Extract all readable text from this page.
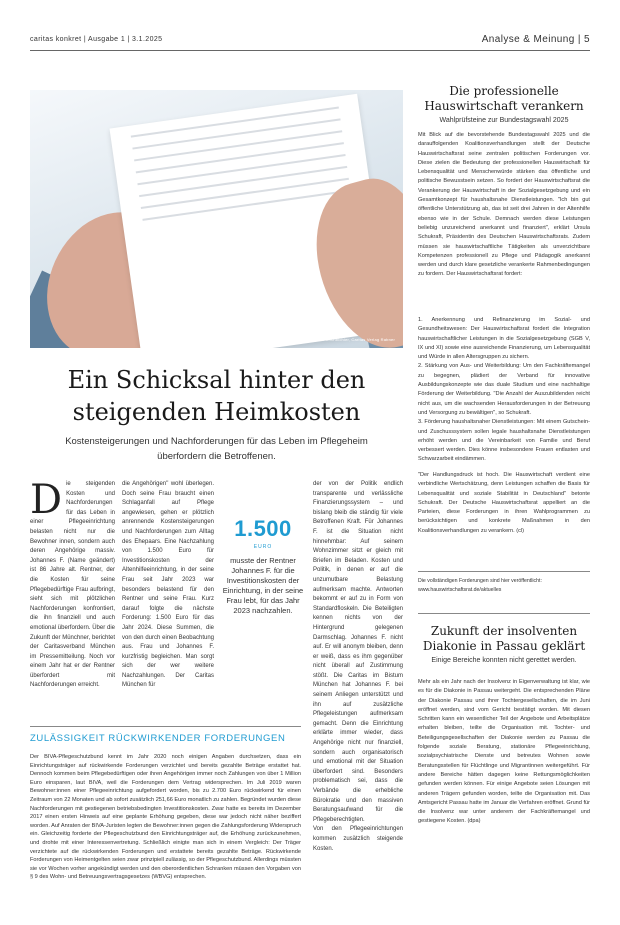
caritas konkret | Ausgabe 1 | 3.1.2025	Analyse & Meinung | 5
Foto: Michael Kirchbichler, Caritas Verlag Rabner
Ein Schicksal hinter den
steigenden Heimkosten
Kostensteigerungen und Nachforderungen für das Leben im Pflegeheim überfordern die Betroffenen.
D ie steigenden Kosten und Nachforderungen für das Leben in einer Pflegeeinrichtung belasten nicht nur die Bewohner innen, sondern auch deren Angehörige massiv. Johannes F. (Name geändert) ist 86 Jahre alt. Rentner, der die Kosten für seine Pflegebedürftige Frau aufbringt, sieht sich mit plötzlichen Nachforderungen konfrontiert, die ihn finanziell und auch emotional überfordern. Über die Zukunft der Münchner, berichtet der Caritasverband München im Pressemitteilung. Noch vor einem Jahr hat er der Rentner überfordert mit Nachforderungen erreicht.
die Angehörigen" wohl überlegen. Doch seine Frau braucht einen Schlaganfall auf Pflege angewiesen, gehen er plötzlich anrennende Kostensteigerungen und Nachforderungen zum Alltag des Ehepaars. Eine Nachzahlung von 1.500 Euro für Investitionskosten der Altenhilfeeinrichtung, in der seine Frau seit Jahr 2023 war besonders belastend für den Rentner und seine Frau. Kurz darauf folgte die nächste Forderung: 1.500 Euro für das Jahr 2024. Diese Summen, die von den durch einen Beobachtung aus. Frau und Johannes F. kurzfristig begleichen. Man sorgt sich der wer weitere Nachzahlungen. Der Caritas München für
1.500
EURO
musste der Rentner Johannes F. für die Investitionskosten der Einrichtung, in der seine Frau lebt, für das Jahr 2023 nachzahlen.

der von der Politik endlich transparente und verlässliche Finanzierungssystem – und bislang bleib die ständig für viele Betroffenen Kraft. Für Johannes F. ist die Situation nicht hinnehmbar: Auf seinem Wohnzimmer sitzt er gleich mit Briefen im Beladen. Kosten und Politik, in denen er auf die unzumutbare Belastung aufmerksam machte. Antworten bekommt er auf zu in Form von Standardfloskeln. Die Beteiligten kennen nichts von der Hintergrund gelegenen Darmschlag. Johannes F. nicht auf. Er will anonym bleiben, denn er weiß, dass es ihm gegenüber nicht überall auf Zustimmung stößt. Die Caritas im Bistum München hat Johannes F. bei seinem Anliegen unterstützt und ihn auf zusätzliche Pflegeleistungen aufmerksam gemacht. Denn die Einrichtung erklärte immer wieder, dass Angehörige nicht nur finanziell, sondern auch organisatorisch und emotional mit der Situation überfordert sind. Besonders problematisch sei, dass die Verbände die erhebliche Bürokratie und den massiven Beratungsaufwand für die Pflegeberechtigten.

Von den Pflegeeinrichtungen kommen zusätzlich steigende Kosten.

ZULÄSSIGKEIT RÜCKWIRKENDER FORDERUNGEN
Der BIVA-Pflegeschutzbund kennt im Jahr 2020 noch einigen Angaben durchsetzen, dass ein Einrichtungsträger auf rückwirkende Forderungen verzichtet und bereits gezahlte Beträge erstattet hat. Dennoch kommen beim Pflegebedürftigen oder ihren Angehörigen immer noch Zahlungen von über 1 Million Euro einsparen, laut BIVA, weil die Forderungen dem Vertrag widersprechen. Im Juli 2019 waren Bewohner:innen einer Pflegeeinrichtung aufgefordert worden, bis zu 2.700 Euro rückwirkend für einen Zeitraum von 22 Monaten und ab sofort zusätzlich 251,66 Euro monatlich zu zahlen. Begründet wurden diese Nachforderungen mit gestiegenen betriebsbedingten Investitionskosten. Zwar hatte es bereits im Dezember 2017 einen ersten Hinweis auf eine geplante Erhöhung gegeben, diese war jedoch nicht näher beziffert worden. Auf Anraten der BIVA-Juristen legten die Bewohner:innen gegen die Zahlungsforderung Widerspruch ein. Gleichzeitig forderte der Pflegeschutzbund den Einrichtungsträger auf, die Erhöhung zurückzunehmen, und drohte mit einer Interessenvertretung. Schließlich einigte man sich in einem Vergleich: Der Träger verzichtete auf die rückwirkenden Forderungen und erstattete bereits gezahlte Beträge. Rückwirkende Forderungen von Heimentgelten seien zwar prinzipiell zulässig, so der Pflegeschutzbund. Allerdings müssten sie vor Wochen vorher angekündigt werden und den oberordentlichen Schranken müssen den Vorgaben von § 9 des Wohn- und Betreuungsvertragsgesetzes (WBVG) entsprechen.
Die professionelle Hauswirtschaft verankern
Wahlprüfsteine zur Bundestagswahl 2025
Mit Blick auf die bevorstehende Bundestagswahl 2025 und die darauffolgenden Koalitionsverhandlungen stellt der Deutsche Hauswirtschaftsrat seine zentralen politischen Forderungen vor. Diese zielen die Bedeutung der professionellen Hauswirtschaft für Lebensqualität und Menschenwürde stärken das öffentliche und politische Bewusstsein setzen. So fordert der Hauswirtschaftsrat die Verankerung der Hauswirtschaft in der Sozialgesetzgebung und ein Gesamtkonzept für haushaltsnahe Dienstleistungen. "Ich bin gut öffentliche Unterstützung ab, das ist seit drei Jahren in der Altenhilfe ebenso wie in der Schule. Demnach werden diese Leistungen beliebig unzureichend anerkannt und finanziert", erklärt Ursula Schukraft, Präsidentin des Deutschen Hauswirtschaftsrats. Zudem müssen sie hauswirtschaftliche Tätigkeiten als unverzichtbare Kompetenzen professionell zu Pflege und Pädagogik anerkannt werden und durch klare gesetzliche verankerte Rahmenbedingungen zu fordern. Der Hauswirtschaftsrat fordert:

1. Anerkennung und Refinanzierung im Sozial- und Gesundheitswesen: Der Hauswirtschaftsrat fordert die Integration hauswirtschaftlicher Leistungen in die Sozialgesetzgebung (SGB V, IX und XI) sowie eine ausreichende Finanzierung, um Lebensqualität und Würde in allen Altersgruppen zu sichern.

2. Stärkung von Aus- und Weiterbildung: Um den Fachkräftemangel zu begegnen, plädiert der Verband für innovative Ausbildungskonzepte wie das duale Studium und eine nachhaltige Förderung der Weiterbildung. "Die Anzahl der Auszubildenden reicht nicht aus, um die wachsenden Herausforderungen in der Betreuung und Versorgung zu bewältigen", so Schukraft.

3. Förderung haushaltsnaher Dienstleistungen: Mit einem Gutschein- und Zuschusssystem sollen legale haushaltsnahe Dienstleistungen erhöht werden und die Vereinbarkeit von Familie und Beruf verbessert werden. Dies könne insbesondere Frauen entlasten und Schwarzarbeit eindämmen.

"Der Handlungsdruck ist hoch. Die Hauswirtschaft verdient eine verbindliche Wertschätzung, denn Leistungen schaffen die Basis für Lebensqualität und soziale Stabilität in Deutschland" betonte Schukraft. Der Deutsche Hauswirtschaftsrat appelliert an die Parteien, diese Forderungen in ihren Wahlprogrammen zu berücksichtigen und konkrete Maßnahmen in den Koalitionsverhandlungen zu verankern. (cl)
Die vollständigen Forderungen sind hier veröffentlicht: www.hauswirtschaftsrat.de/aktuelles
Zukunft der insolventen Diakonie in Passau geklärt
Einige Bereiche konnten nicht gerettet werden.
Mehr als ein Jahr nach der Insolvenz in Eigenverwaltung ist klar, wie es für die Diakonie in Passau weitergeht. Die entsprechenden Pläne der Diakonie Passau und ihrer Tochtergesellschaften, die im Juni eröffnet werden, sind vom Gericht bestätigt worden. Mit diesen Schritten kann ein wesentlicher Teil der Angebote und Arbeitsplätze erhalten bleiben, teilte die Organisation mit. Tochter- und Beteiligungsgesellschaften der Diakonie werden zu Passau die folgende soziale Beratung, stationäre Pflegeeinrichtung, sozialpsychiatrische Dienste und betreutes Wohnen sowie Beratungsstellen für Flüchtlinge und Migrantinnen weitergeführt. Für andere Bereiche hätten dagegen keine Rettungsmöglichkeiten gefunden werden können. Für einige Angebote seien Lösungen mit anderen Trägern gefunden worden, teilte die Organisation mit. Das Amtsgericht Passau hatte im Januar die Verfahren eröffnet. Grund für die Insolvenz war unter anderem der Fachkräftemangel und gestiegene Kosten. (dpa)
